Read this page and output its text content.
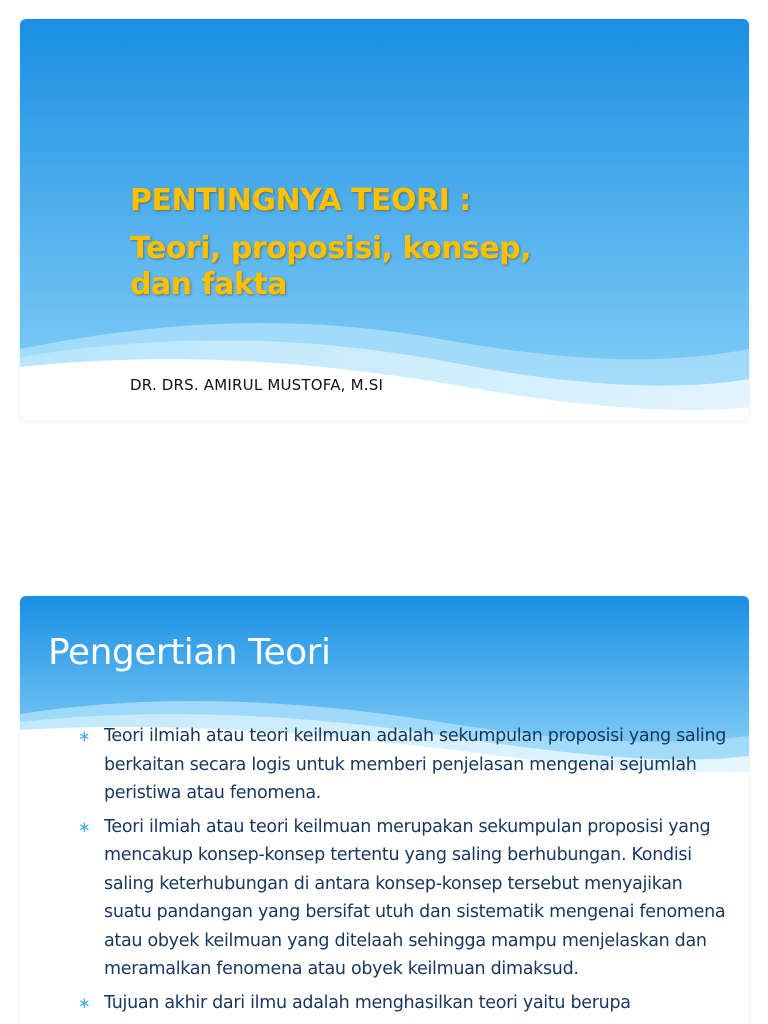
PENTINGNYA TEORI :
Teori, proposisi, konsep, dan fakta

DR. DRS. AMIRUL MUSTOFA, M.SI

Pengertian Teori
∗ Teori ilmiah atau teori keilmuan adalah sekumpulan proposisi yang saling berkaitan secara logis untuk memberi penjelasan mengenai sejumlah peristiwa atau fenomena.
∗ Teori ilmiah atau teori keilmuan merupakan sekumpulan proposisi yang mencakup konsep-konsep tertentu yang saling berhubungan. Kondisi saling keterhubungan di antara konsep-konsep tersebut menyajikan suatu pandangan yang bersifat utuh dan sistematik mengenai fenomena atau obyek keilmuan yang ditelaah sehingga mampu menjelaskan dan meramalkan fenomena atau obyek keilmuan dimaksud.
∗ Tujuan akhir dari ilmu adalah menghasilkan teori yaitu berupa
